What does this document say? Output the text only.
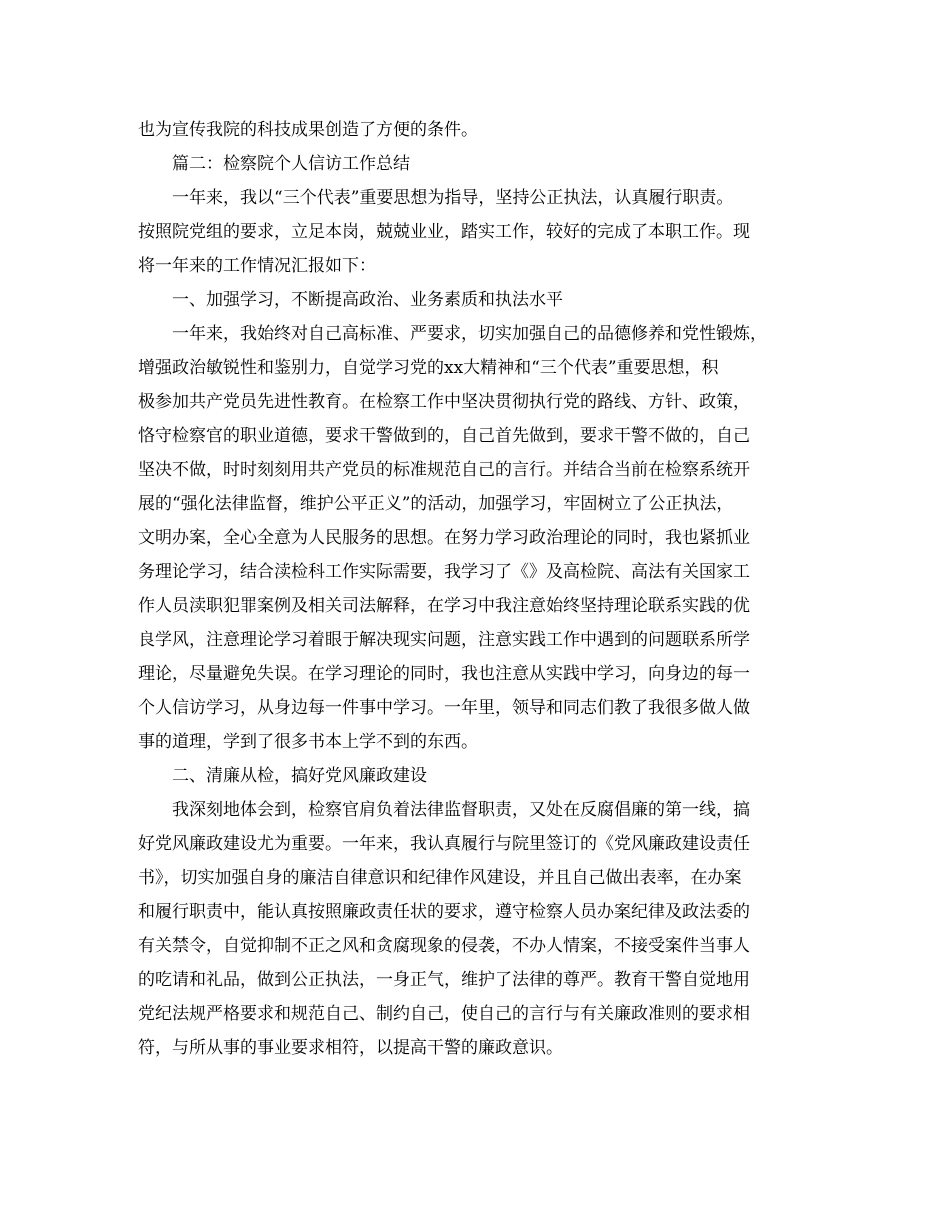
也为宣传我院的科技成果创造了方便的条件。
　　篇二：检察院个人信访工作总结
　　一年来，我以“三个代表”重要思想为指导，坚持公正执法，认真履行职责。
按照院党组的要求，立足本岗，兢兢业业，踏实工作，较好的完成了本职工作。现
将一年来的工作情况汇报如下：
　　一、加强学习，不断提高政治、业务素质和执法水平
　　一年来，我始终对自己高标准、严要求，切实加强自己的品德修养和党性锻炼，
增强政治敏锐性和鉴别力，自觉学习党的xx大精神和“三个代表”重要思想，积
极参加共产党员先进性教育。在检察工作中坚决贯彻执行党的路线、方针、政策，
恪守检察官的职业道德，要求干警做到的，自己首先做到，要求干警不做的，自己
坚决不做，时时刻刻用共产党员的标准规范自己的言行。并结合当前在检察系统开
展的“强化法律监督，维护公平正义”的活动，加强学习，牢固树立了公正执法，
文明办案，全心全意为人民服务的思想。在努力学习政治理论的同时，我也紧抓业
务理论学习，结合渎检科工作实际需要，我学习了《》及高检院、高法有关国家工
作人员渎职犯罪案例及相关司法解释，在学习中我注意始终坚持理论联系实践的优
良学风，注意理论学习着眼于解决现实问题，注意实践工作中遇到的问题联系所学
理论，尽量避免失误。在学习理论的同时，我也注意从实践中学习，向身边的每一
个人信访学习，从身边每一件事中学习。一年里，领导和同志们教了我很多做人做
事的道理，学到了很多书本上学不到的东西。
　　二、清廉从检，搞好党风廉政建设
　　我深刻地体会到，检察官肩负着法律监督职责，又处在反腐倡廉的第一线，搞
好党风廉政建设尤为重要。一年来，我认真履行与院里签订的《党风廉政建设责任
书》，切实加强自身的廉洁自律意识和纪律作风建设，并且自己做出表率，在办案
和履行职责中，能认真按照廉政责任状的要求，遵守检察人员办案纪律及政法委的
有关禁令，自觉抑制不正之风和贪腐现象的侵袭，不办人情案，不接受案件当事人
的吃请和礼品，做到公正执法，一身正气，维护了法律的尊严。教育干警自觉地用
党纪法规严格要求和规范自己、制约自己，使自己的言行与有关廉政准则的要求相
符，与所从事的事业要求相符，以提高干警的廉政意识。
